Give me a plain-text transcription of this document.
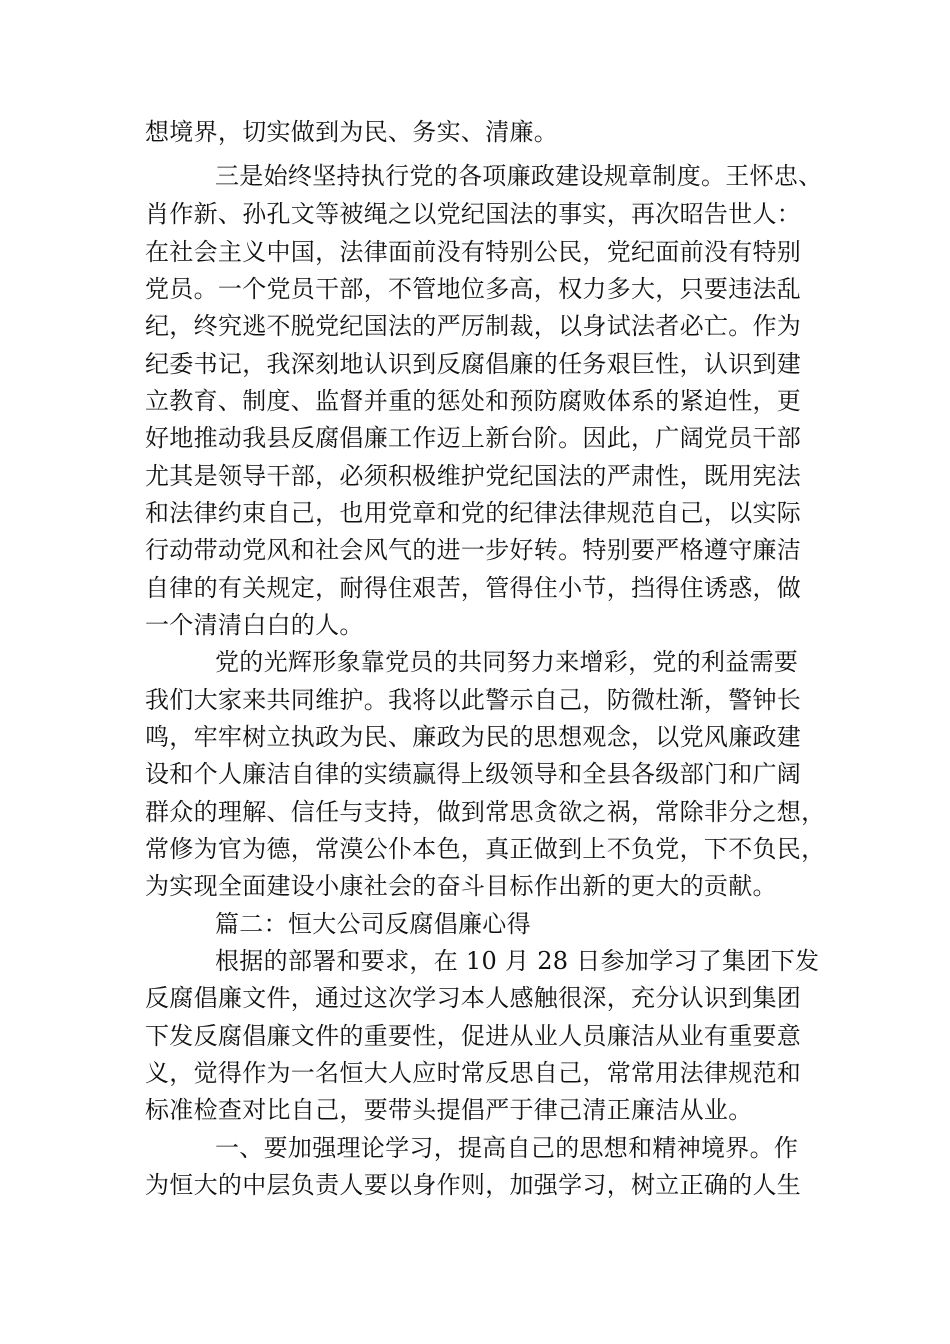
想境界，切实做到为民、务实、清廉。
三是始终坚持执行党的各项廉政建设规章制度。王怀忠、
肖作新、孙孔文等被绳之以党纪国法的事实，再次昭告世人：
在社会主义中国，法律面前没有特别公民，党纪面前没有特别
党员。一个党员干部，不管地位多高，权力多大，只要违法乱
纪，终究逃不脱党纪国法的严厉制裁，以身试法者必亡。作为
纪委书记，我深刻地认识到反腐倡廉的任务艰巨性，认识到建
立教育、制度、监督并重的惩处和预防腐败体系的紧迫性，更
好地推动我县反腐倡廉工作迈上新台阶。因此，广阔党员干部
尤其是领导干部，必须积极维护党纪国法的严肃性，既用宪法
和法律约束自己，也用党章和党的纪律法律规范自己，以实际
行动带动党风和社会风气的进一步好转。特别要严格遵守廉洁
自律的有关规定，耐得住艰苦，管得住小节，挡得住诱惑，做
一个清清白白的人。
党的光辉形象靠党员的共同努力来增彩，党的利益需要
我们大家来共同维护。我将以此警示自己，防微杜渐，警钟长
鸣，牢牢树立执政为民、廉政为民的思想观念，以党风廉政建
设和个人廉洁自律的实绩赢得上级领导和全县各级部门和广阔
群众的理解、信任与支持，做到常思贪欲之祸，常除非分之想，
常修为官为德，常漠公仆本色，真正做到上不负党，下不负民，
为实现全面建设小康社会的奋斗目标作出新的更大的贡献。
篇二：恒大公司反腐倡廉心得
根据的部署和要求，在 10 月 28 日参加学习了集团下发
反腐倡廉文件，通过这次学习本人感触很深，充分认识到集团
下发反腐倡廉文件的重要性，促进从业人员廉洁从业有重要意
义，觉得作为一名恒大人应时常反思自己，常常用法律规范和
标准检查对比自己，要带头提倡严于律己清正廉洁从业。
一、要加强理论学习，提高自己的思想和精神境界。作
为恒大的中层负责人要以身作则，加强学习，树立正确的人生
